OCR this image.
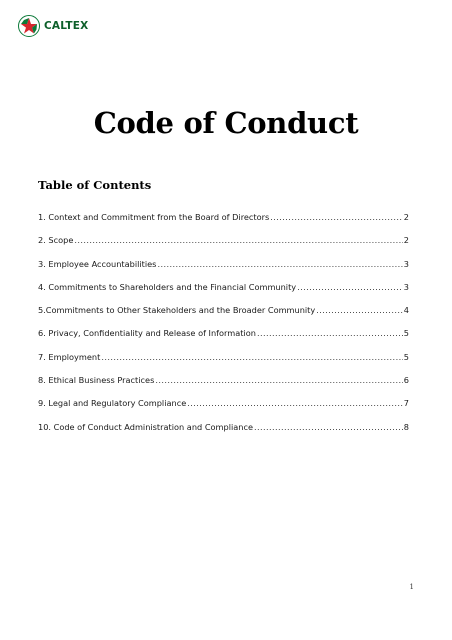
CALTEX
Code of Conduct
Table of Contents
1. Context and Commitment from the Board of Directors .....	2
2. Scope .....	2
3. Employee Accountabilities .....	3
4. Commitments to Shareholders and the Financial Community .....	3
5.Commitments to Other Stakeholders and the Broader Community .....	4
6. Privacy, Confidentiality and Release of Information .....	5
7. Employment .....	5
8. Ethical Business Practices .....	6
9. Legal and Regulatory Compliance .....	7
10. Code of Conduct Administration and Compliance .....	8
1
